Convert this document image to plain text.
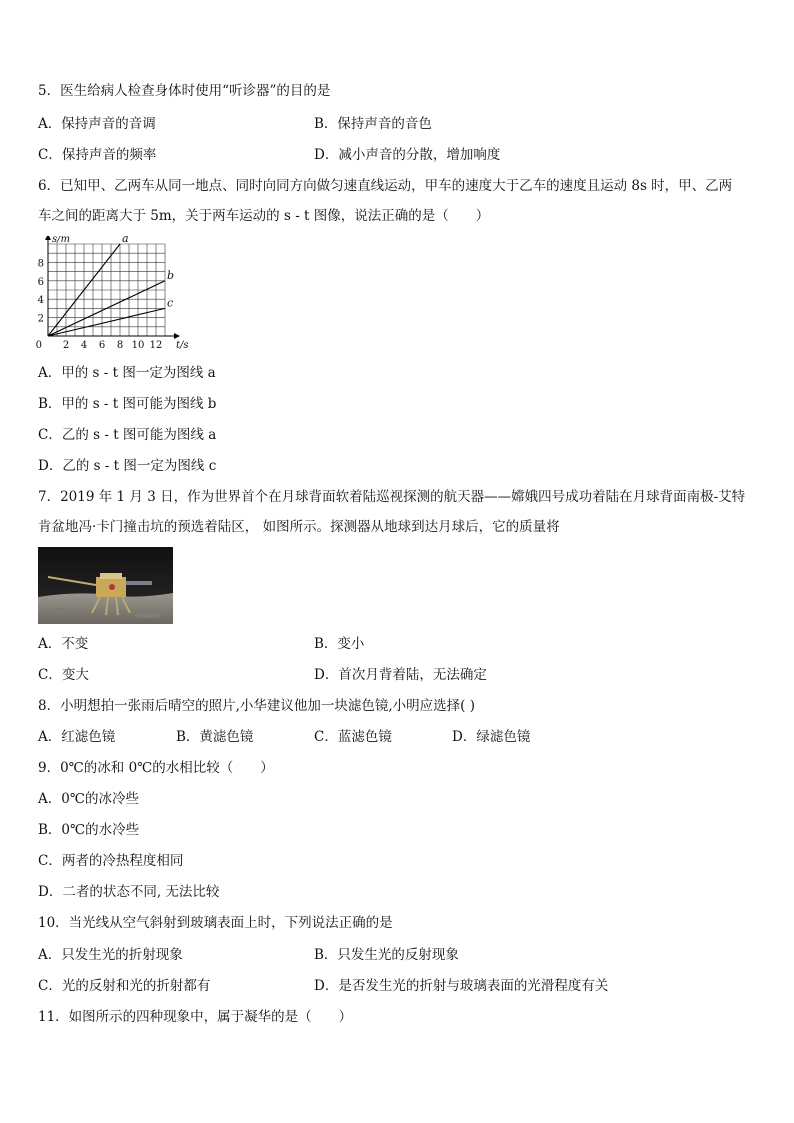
5．医生给病人检查身体时使用“听诊器”的目的是
A．保持声音的音调	B．保持声音的音色
C．保持声音的频率	D．减小声音的分散，增加响度
6．已知甲、乙两车从同一地点、同时向同方向做匀速直线运动，甲车的速度大于乙车的速度且运动 8s 时，甲、乙两
车之间的距离大于 5m，关于两车运动的 s - t 图像，说法正确的是（　　）
2 4 6 8 10 12
2
4
6
8
0
s/m
t/s
a
b
c
A．甲的 s - t 图一定为图线 a
B．甲的 s - t 图可能为图线 b
C．乙的 s - t 图可能为图线 a
D．乙的 s - t 图一定为图线 c
7．2019 年 1 月 3 日，作为世界首个在月球背面软着陆巡视探测的航天器——嫦娥四号成功着陆在月球背面南极-艾特
肯盆地冯·卡门撞击坑的预选着陆区， 如图所示。探测器从地球到达月球后，它的质量将
A．不变	B．变小
C．变大	D．首次月背着陆，无法确定
8．小明想拍一张雨后晴空的照片,小华建议他加一块滤色镜,小明应选择( )
A．红滤色镜	B．黄滤色镜	C．蓝滤色镜	D．绿滤色镜
9．0℃的冰和 0℃的水相比较（　　）
A．0℃的冰冷些
B．0℃的水冷些
C．两者的冷热程度相同
D．二者的状态不同, 无法比较
10．当光线从空气斜射到玻璃表面上时，下列说法正确的是
A．只发生光的折射现象	B．只发生光的反射现象
C．光的反射和光的折射都有	D．是否发生光的折射与玻璃表面的光滑程度有关
11．如图所示的四种现象中，属于凝华的是（　　）
